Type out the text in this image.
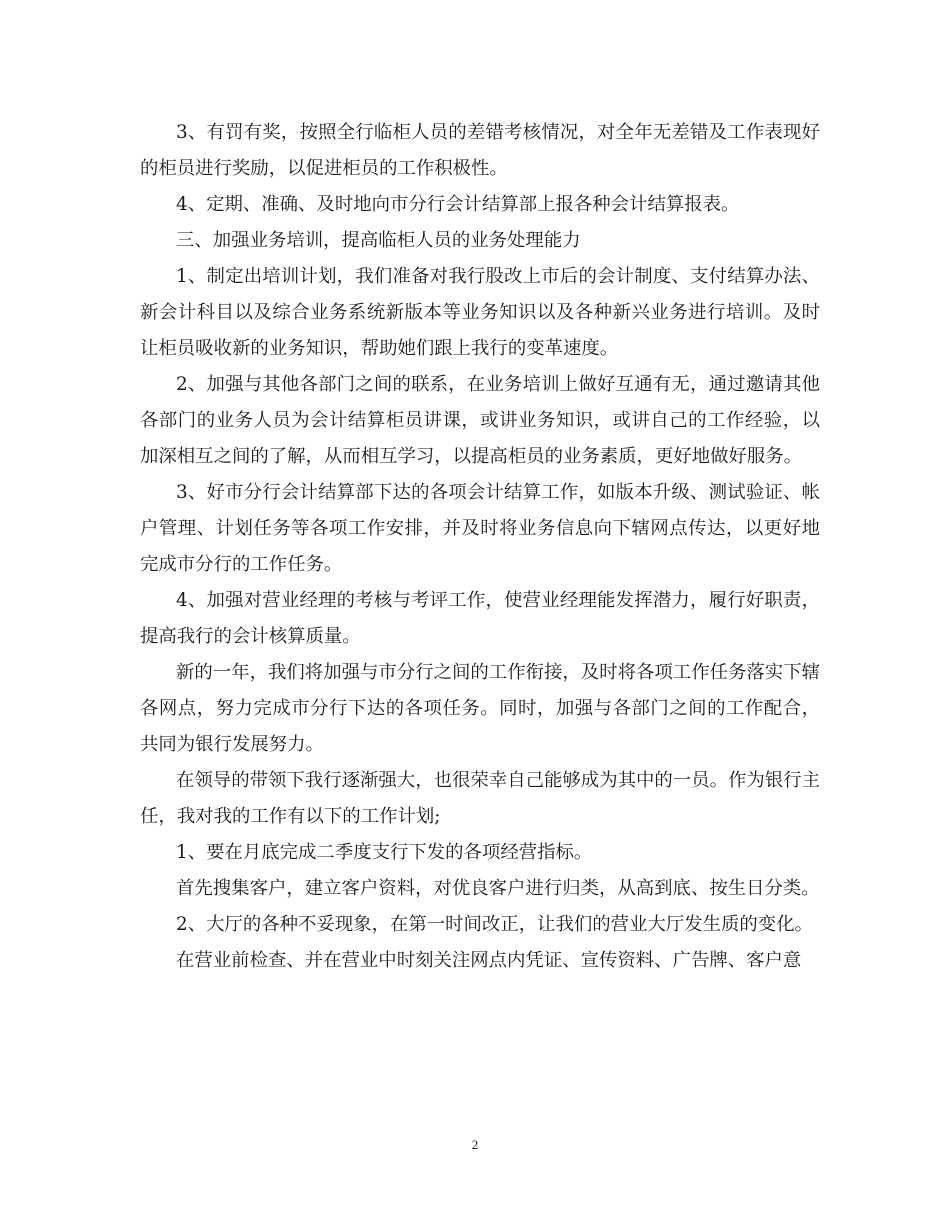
3、有罚有奖，按照全行临柜人员的差错考核情况，对全年无差错及工作表现好的柜员进行奖励，以促进柜员的工作积极性。

4、定期、准确、及时地向市分行会计结算部上报各种会计结算报表。

三、加强业务培训，提高临柜人员的业务处理能力

1、制定出培训计划，我们准备对我行股改上市后的会计制度、支付结算办法、新会计科目以及综合业务系统新版本等业务知识以及各种新兴业务进行培训。及时让柜员吸收新的业务知识，帮助她们跟上我行的变革速度。

2、加强与其他各部门之间的联系，在业务培训上做好互通有无，通过邀请其他各部门的业务人员为会计结算柜员讲课，或讲业务知识，或讲自己的工作经验，以加深相互之间的了解，从而相互学习，以提高柜员的业务素质，更好地做好服务。

3、好市分行会计结算部下达的各项会计结算工作，如版本升级、测试验证、帐户管理、计划任务等各项工作安排，并及时将业务信息向下辖网点传达，以更好地完成市分行的工作任务。

4、加强对营业经理的考核与考评工作，使营业经理能发挥潜力，履行好职责，提高我行的会计核算质量。

新的一年，我们将加强与市分行之间的工作衔接，及时将各项工作任务落实下辖各网点，努力完成市分行下达的各项任务。同时，加强与各部门之间的工作配合，共同为银行发展努力。

在领导的带领下我行逐渐强大，也很荣幸自己能够成为其中的一员。作为银行主任，我对我的工作有以下的工作计划;

1、要在月底完成二季度支行下发的各项经营指标。

首先搜集客户，建立客户资料，对优良客户进行归类，从高到底、按生日分类。

2、大厅的各种不妥现象，在第一时间改正，让我们的营业大厅发生质的变化。

在营业前检查、并在营业中时刻关注网点内凭证、宣传资料、广告牌、客户意

2
